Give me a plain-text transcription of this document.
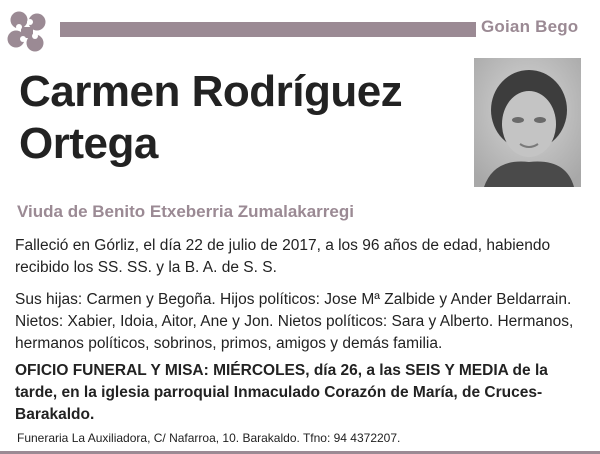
Goian Bego
Carmen Rodríguez
Ortega
Viuda de Benito Etxeberria Zumalakarregi

Falleció en Górliz, el día 22 de julio de 2017, a los 96 años de edad, habiendo recibido los SS. SS. y la B. A. de S. S.

Sus hijas: Carmen y Begoña. Hijos políticos: Jose Mª Zalbide y Ander Beldarrain. Nietos: Xabier, Idoia, Aitor, Ane y Jon. Nietos políticos: Sara y Alberto. Hermanos, hermanos políticos, sobrinos, primos, amigos y demás familia.

OFICIO FUNERAL Y MISA: MIÉRCOLES, día 26, a las SEIS Y MEDIA de la tarde, en la iglesia parroquial Inmaculado Corazón de María, de Cruces-Barakaldo.

Funeraria La Auxiliadora, C/ Nafarroa, 10. Barakaldo. Tfno: 94 4372207.
